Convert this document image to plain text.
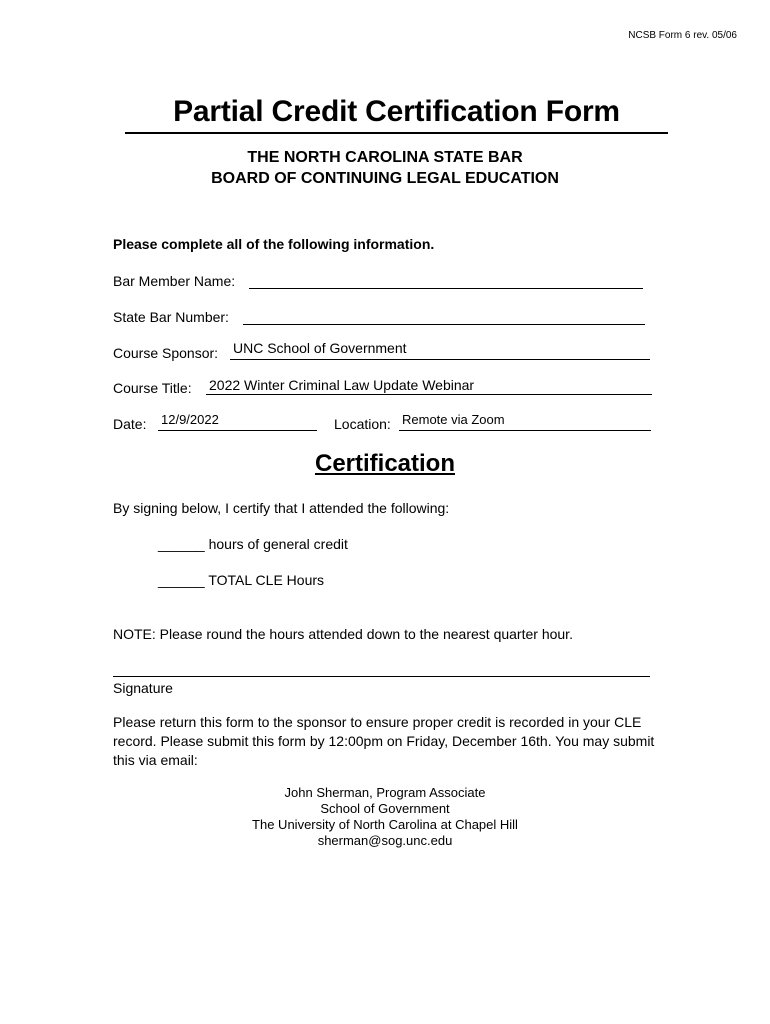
NCSB Form 6 rev. 05/06
Partial Credit Certification Form
THE NORTH CAROLINA STATE BAR
BOARD OF CONTINUING LEGAL EDUCATION
Please complete all of the following information.
Bar Member Name:
State Bar Number:
Course Sponsor: UNC School of Government
Course Title: 2022 Winter Criminal Law Update Webinar
Date: 12/9/2022	Location: Remote via Zoom
Certification
By signing below, I certify that I attended the following:
______ hours of general credit
______ TOTAL CLE Hours
NOTE: Please round the hours attended down to the nearest quarter hour.
Signature
Please return this form to the sponsor to ensure proper credit is recorded in your CLE record. Please submit this form by 12:00pm on Friday, December 16th. You may submit this via email:
John Sherman, Program Associate
School of Government
The University of North Carolina at Chapel Hill
sherman@sog.unc.edu
